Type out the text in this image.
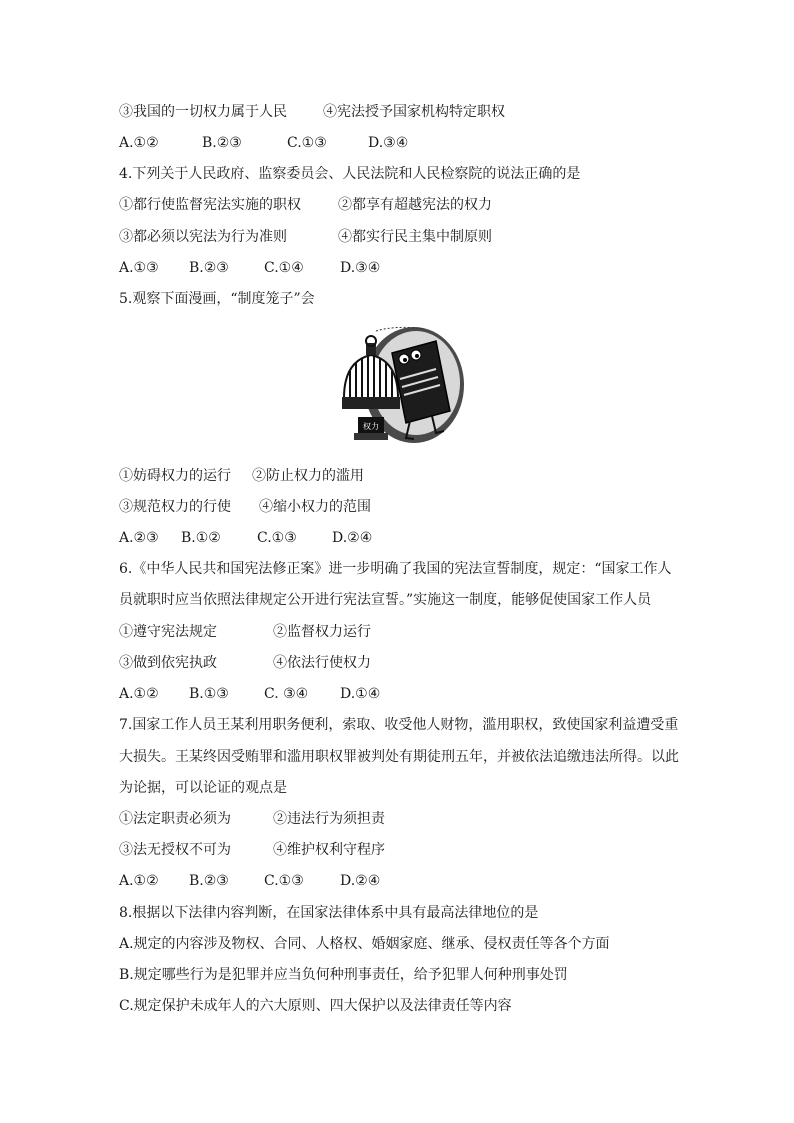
③我国的一切权力属于人民	④宪法授予国家机构特定职权
A.①②	B.②③	C.①③	D.③④
4.下列关于人民政府、监察委员会、人民法院和人民检察院的说法正确的是
①都行使监督宪法实施的职权	②都享有超越宪法的权力
③都必须以宪法为行为准则	④都实行民主集中制原则
A.①③ B.②③	C.①④	D.③④
5.观察下面漫画，“制度笼子”会
权力
①妨碍权力的运行 ②防止权力的滥用
③规范权力的行使 ④缩小权力的范围
A.②③ B.①②	C.①③	D.②④
6.《中华人民共和国宪法修正案》进一步明确了我国的宪法宣誓制度，规定：“国家工作人
员就职时应当依照法律规定公开进行宪法宣誓。”实施这一制度，能够促使国家工作人员
①遵守宪法规定	②监督权力运行
③做到依宪执政	④依法行使权力
A.①② B.①③	C. ③④ D.①④
7.国家工作人员王某利用职务便利，索取、收受他人财物，滥用职权，致使国家利益遭受重
大损失。王某终因受贿罪和滥用职权罪被判处有期徒刑五年，并被依法追缴违法所得。以此
为论据，可以论证的观点是
①法定职责必须为	②违法行为须担责
③法无授权不可为	④维护权利守程序
A.①② B.②③	C.①③	D.②④
8.根据以下法律内容判断，在国家法律体系中具有最高法律地位的是
A.规定的内容涉及物权、合同、人格权、婚姻家庭、继承、侵权责任等各个方面
B.规定哪些行为是犯罪并应当负何种刑事责任，给予犯罪人何种刑事处罚
C.规定保护未成年人的六大原则、四大保护以及法律责任等内容
